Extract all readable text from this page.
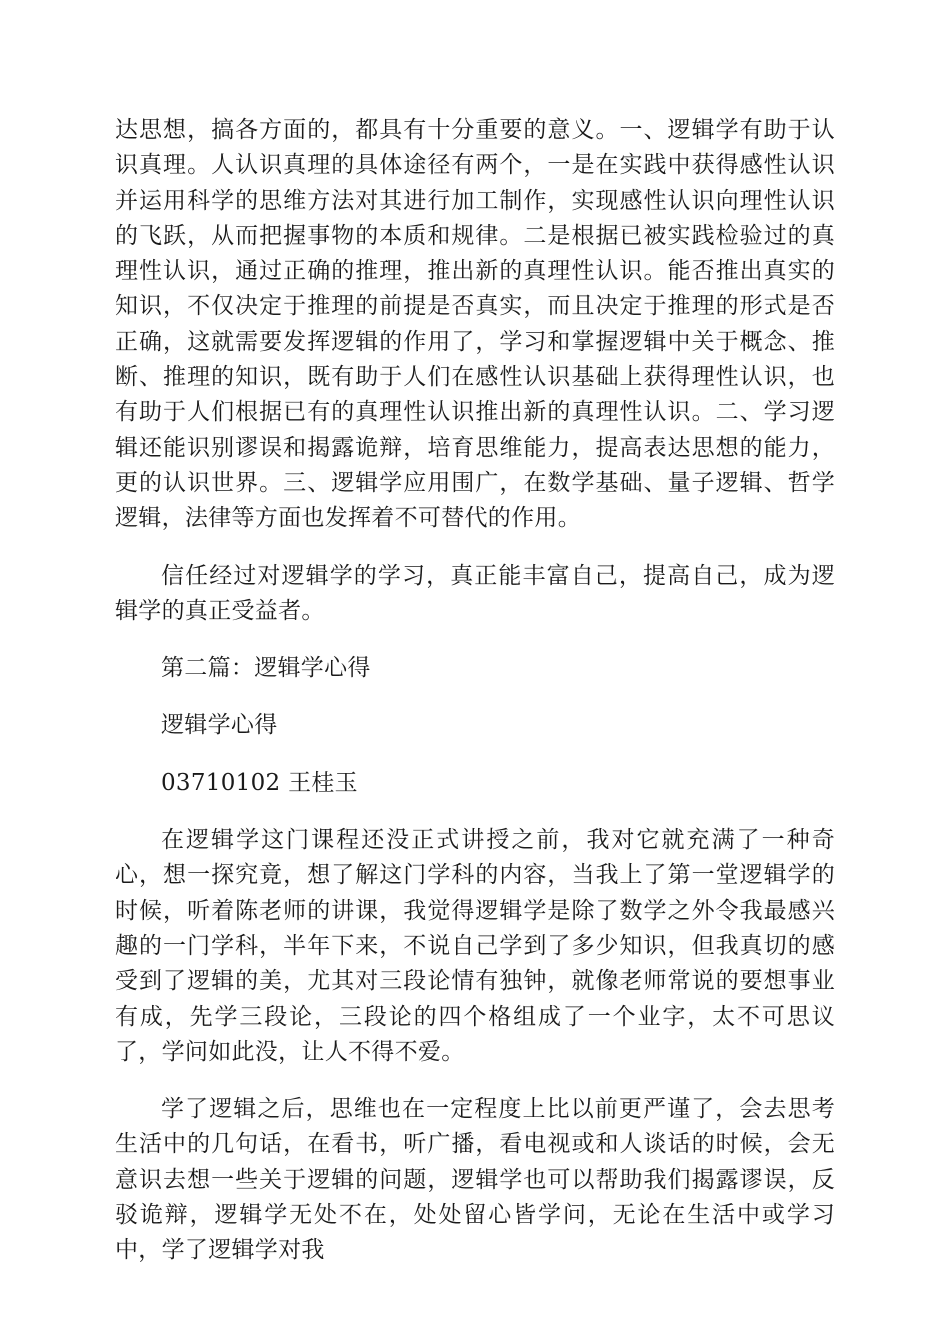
达思想，搞各方面的，都具有十分重要的意义。一、逻辑学有助于认识真理。人认识真理的具体途径有两个，一是在实践中获得感性认识并运用科学的思维方法对其进行加工制作，实现感性认识向理性认识的飞跃，从而把握事物的本质和规律。二是根据已被实践检验过的真理性认识，通过正确的推理，推出新的真理性认识。能否推出真实的知识，不仅决定于推理的前提是否真实，而且决定于推理的形式是否正确，这就需要发挥逻辑的作用了，学习和掌握逻辑中关于概念、推断、推理的知识，既有助于人们在感性认识基础上获得理性认识，也有助于人们根据已有的真理性认识推出新的真理性认识。二、学习逻辑还能识别谬误和揭露诡辩，培育思维能力，提高表达思想的能力，更的认识世界。三、逻辑学应用围广，在数学基础、量子逻辑、哲学逻辑，法律等方面也发挥着不可替代的作用。

信任经过对逻辑学的学习，真正能丰富自己，提高自己，成为逻辑学的真正受益者。

第二篇：逻辑学心得

逻辑学心得

03710102 王桂玉

在逻辑学这门课程还没正式讲授之前，我对它就充满了一种奇心，想一探究竟，想了解这门学科的内容，当我上了第一堂逻辑学的时候，听着陈老师的讲课，我觉得逻辑学是除了数学之外令我最感兴趣的一门学科，半年下来，不说自己学到了多少知识，但我真切的感受到了逻辑的美，尤其对三段论情有独钟，就像老师常说的要想事业有成，先学三段论，三段论的四个格组成了一个业字，太不可思议了，学问如此没，让人不得不爱。

学了逻辑之后，思维也在一定程度上比以前更严谨了，会去思考生活中的几句话，在看书，听广播，看电视或和人谈话的时候，会无意识去想一些关于逻辑的问题，逻辑学也可以帮助我们揭露谬误，反驳诡辩，逻辑学无处不在，处处留心皆学问，无论在生活中或学习中，学了逻辑学对我
